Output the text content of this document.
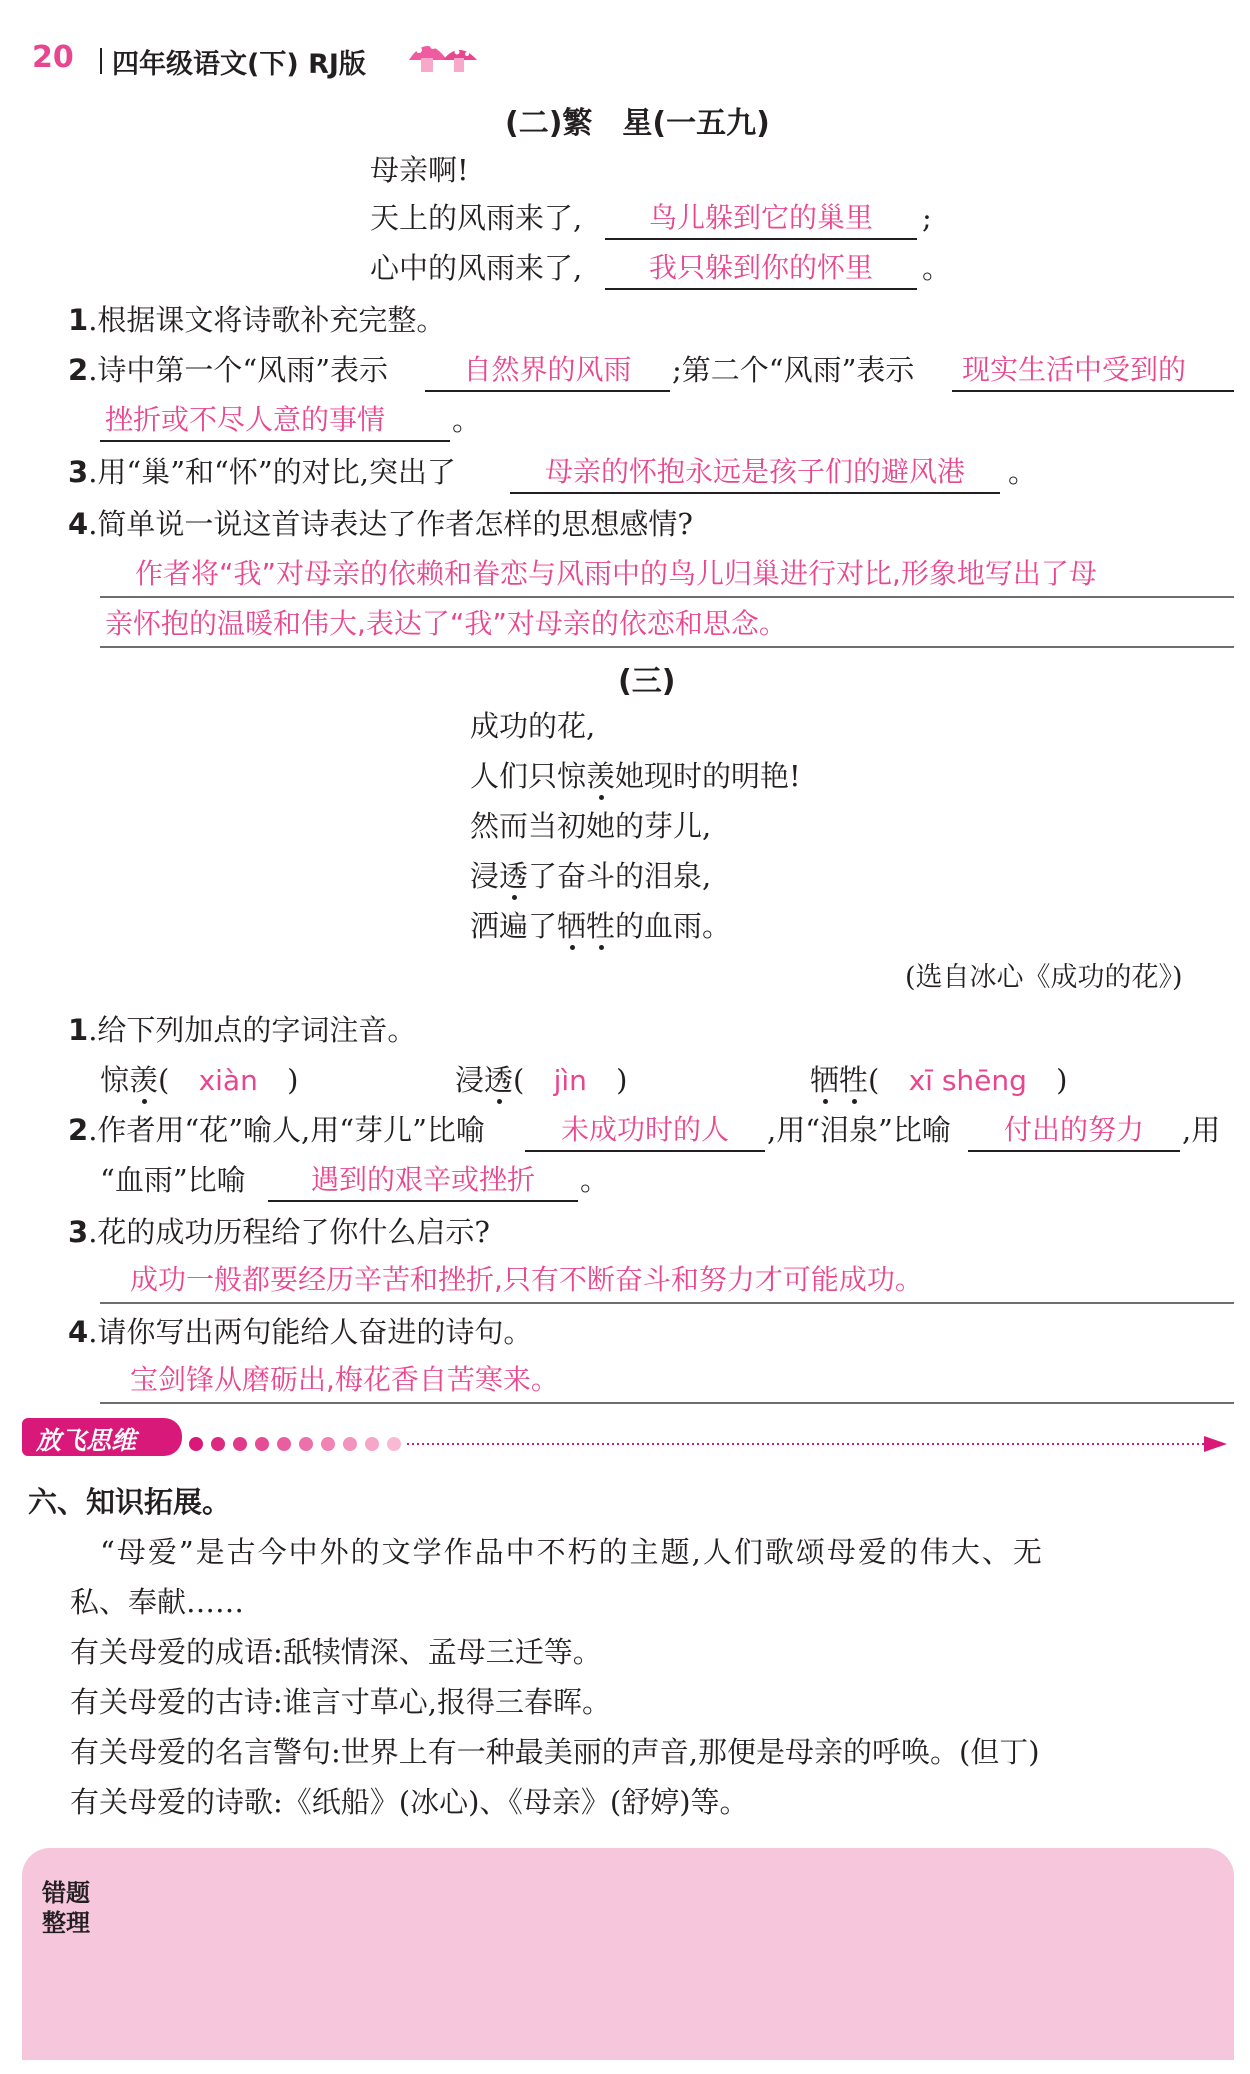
20 四年级语文(下) RJ版
(二)繁　星(一五九)
母亲啊!
天上的风雨来了,	鸟儿躲到它的巢里	;
心中的风雨来了,	我只躲到你的怀里	。
1.根据课文将诗歌补充完整。
2.诗中第一个“风雨”表示	自然界的风雨	;第二个“风雨”表示 现实生活中受到的
挫折或不尽人意的事情	。
3.用“巢”和“怀”的对比,突出了	母亲的怀抱永远是孩子们的避风港	。
4.简单说一说这首诗表达了作者怎样的思想感情?
作者将“我”对母亲的依赖和眷恋与风雨中的鸟儿归巢进行对比,形象地写出了母
亲怀抱的温暖和伟大,表达了“我”对母亲的依恋和思念。
(三)
成功的花,
人们只惊羡她现时的明艳!
然而当初她的芽儿,
浸透了奋斗的泪泉,
洒遍了牺牲的血雨。
(选自冰心《成功的花》)
1.给下列加点的字词注音。
惊羡( xiàn )	浸透( jìn )	牺牲( xī shēng )
2.作者用“花”喻人,用“芽儿”比喻	未成功时的人	,用“泪泉”比喻	付出的努力	,用
“血雨”比喻	遇到的艰辛或挫折	。
3.花的成功历程给了你什么启示?
成功一般都要经历辛苦和挫折,只有不断奋斗和努力才可能成功。
4.请你写出两句能给人奋进的诗句。
宝剑锋从磨砺出,梅花香自苦寒来。
放飞思维
六、知识拓展。
“母爱”是古今中外的文学作品中不朽的主题,人们歌颂母爱的伟大、无
私、奉献……
有关母爱的成语:舐犊情深、孟母三迁等。
有关母爱的古诗:谁言寸草心,报得三春晖。
有关母爱的名言警句:世界上有一种最美丽的声音,那便是母亲的呼唤。(但丁)
有关母爱的诗歌:《纸船》(冰心)、《母亲》(舒婷)等。
错题
整理
